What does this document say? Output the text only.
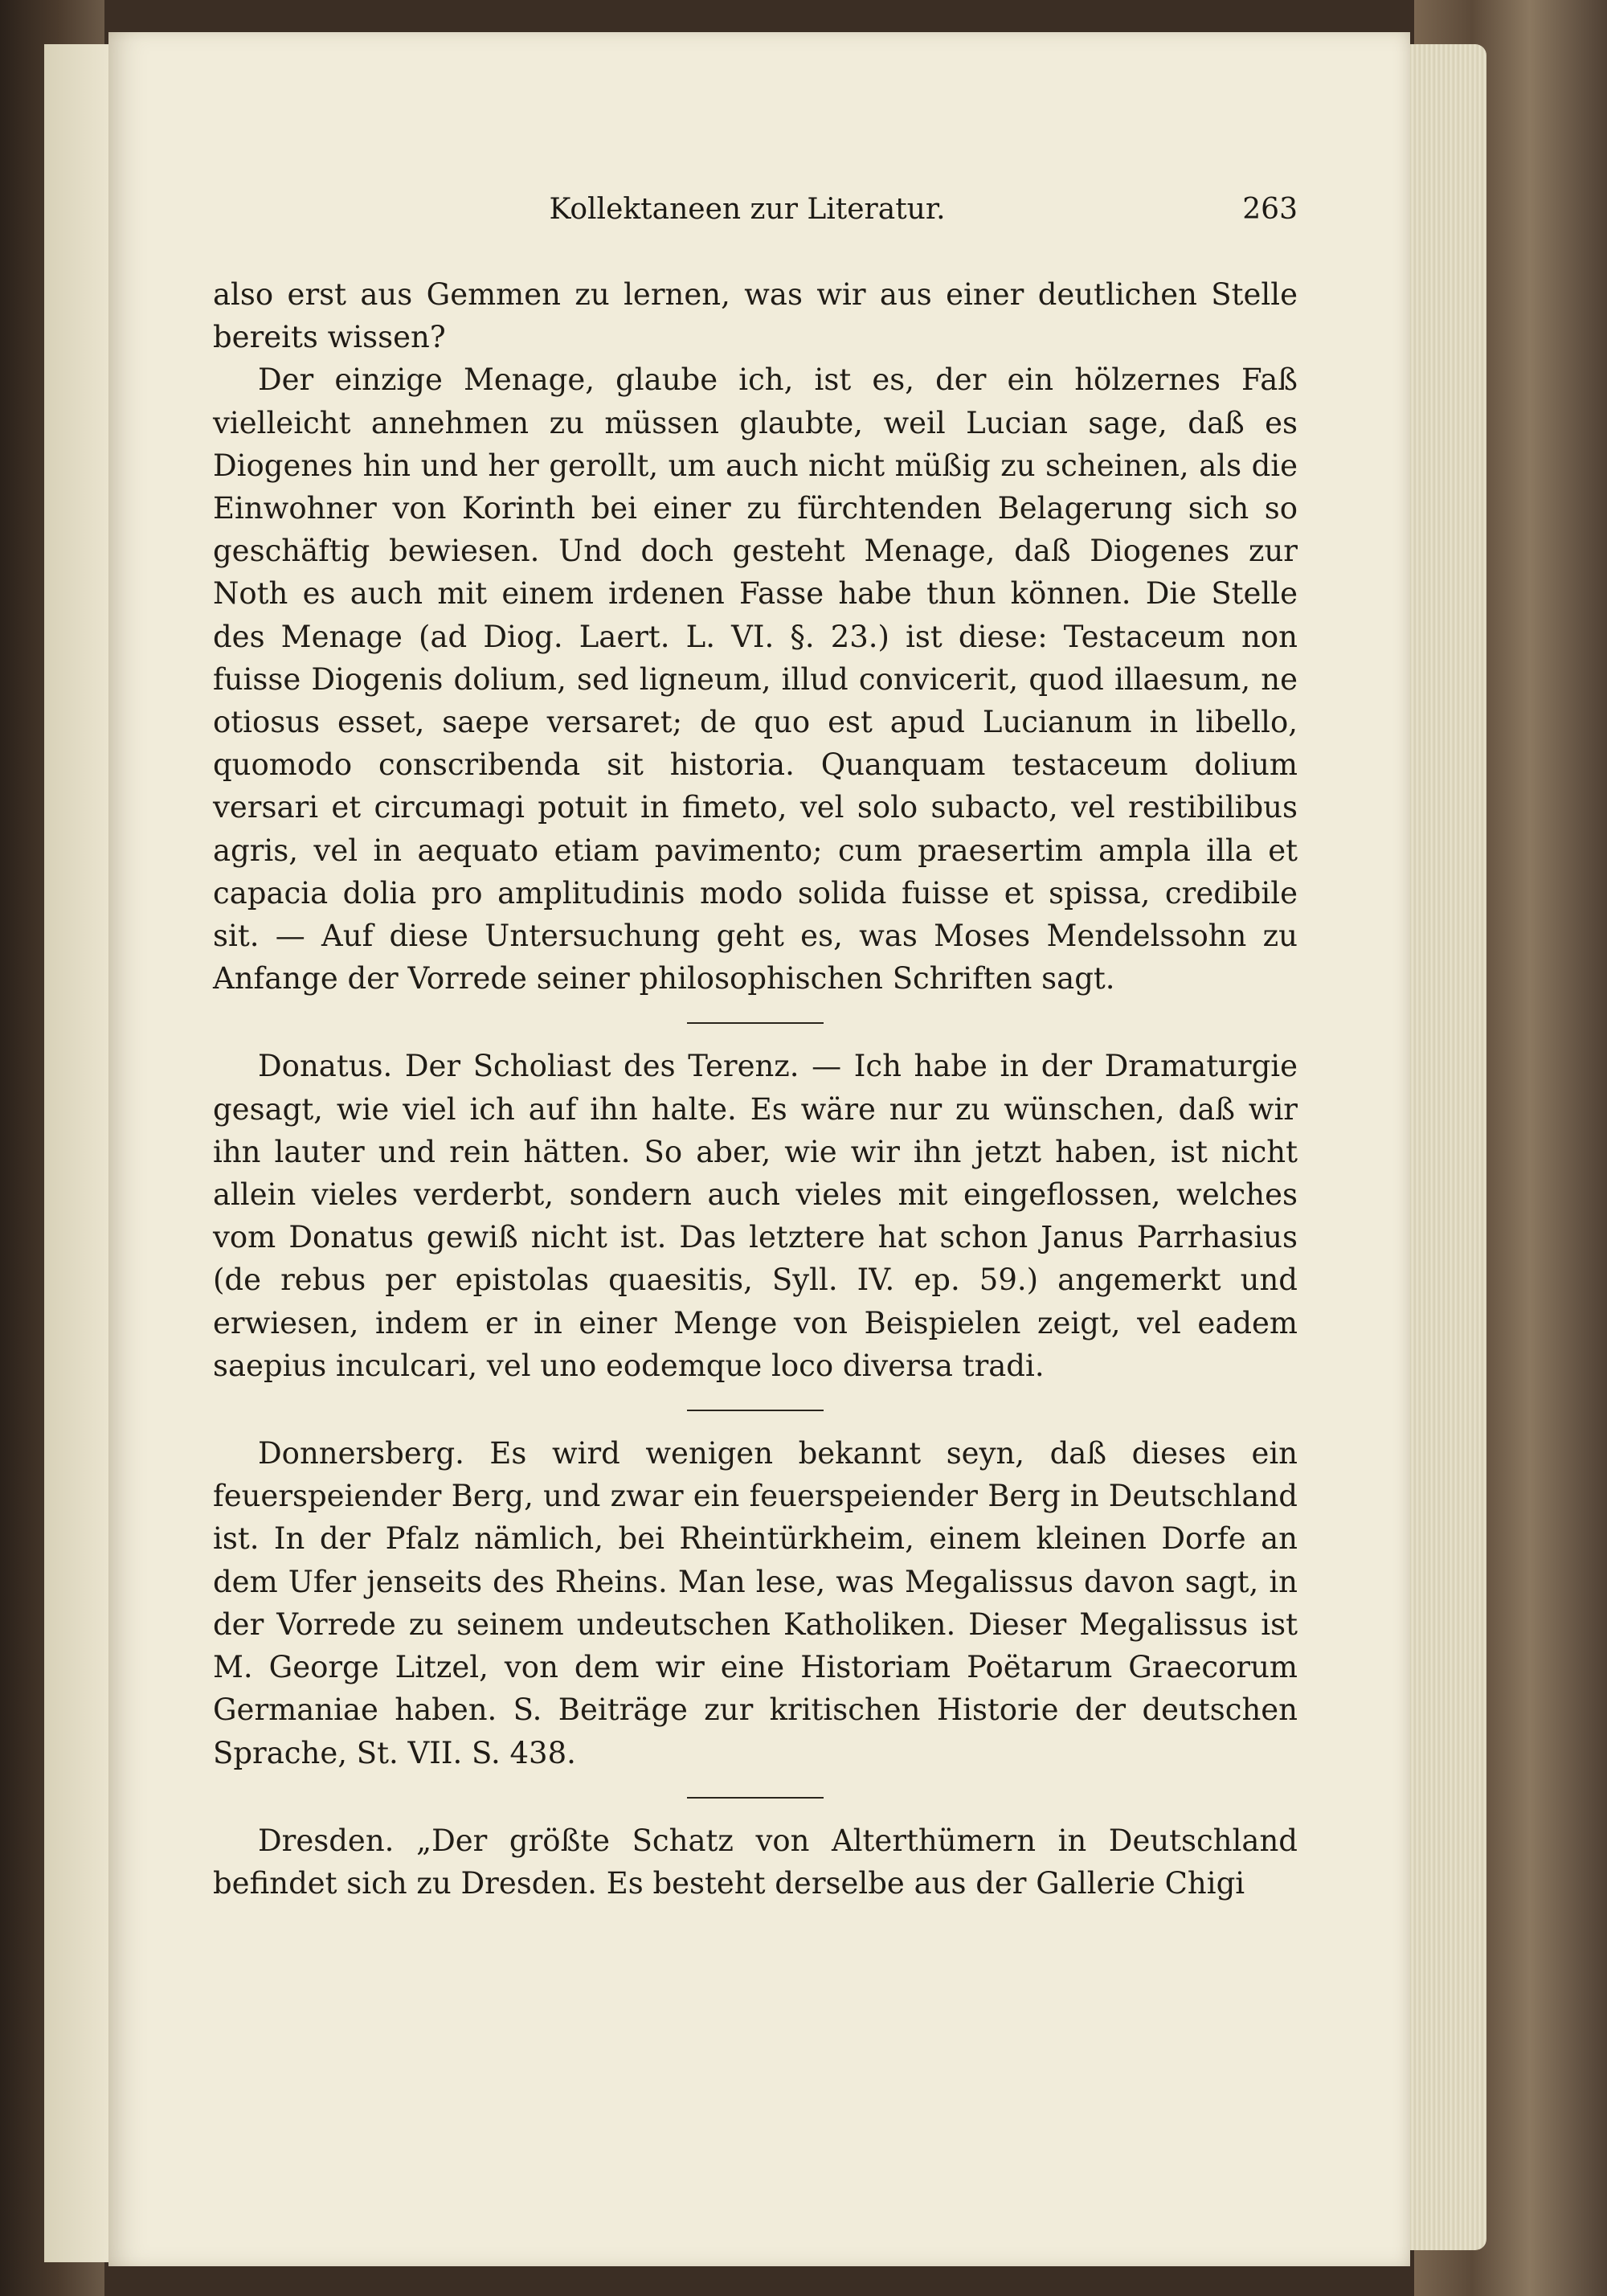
Kollektaneen zur Literatur.	263

also erst aus Gemmen zu lernen, was wir aus einer deutlichen Stelle bereits wissen?

Der einzige Menage, glaube ich, ist es, der ein hölzernes Faß vielleicht annehmen zu müssen glaubte, weil Lucian sage, daß es Diogenes hin und her gerollt, um auch nicht müßig zu scheinen, als die Einwohner von Korinth bei einer zu fürchtenden Belagerung sich so geschäftig bewiesen. Und doch gesteht Menage, daß Diogenes zur Noth es auch mit einem irdenen Fasse habe thun können. Die Stelle des Menage (ad Diog. Laert. L. VI. §. 23.) ist diese: Testaceum non fuisse Diogenis dolium, sed ligneum, illud convicerit, quod illaesum, ne otiosus esset, saepe versaret; de quo est apud Lucianum in libello, quomodo conscribenda sit historia. Quanquam testaceum dolium versari et circumagi potuit in fimeto, vel solo subacto, vel restibilibus agris, vel in aequato etiam pavimento; cum praesertim ampla illa et capacia dolia pro amplitudinis modo solida fuisse et spissa, credibile sit. — Auf diese Untersuchung geht es, was Moses Mendelssohn zu Anfange der Vorrede seiner philosophischen Schriften sagt.

Donatus. Der Scholiast des Terenz. — Ich habe in der Dramaturgie gesagt, wie viel ich auf ihn halte. Es wäre nur zu wünschen, daß wir ihn lauter und rein hätten. So aber, wie wir ihn jetzt haben, ist nicht allein vieles verderbt, sondern auch vieles mit eingeflossen, welches vom Donatus gewiß nicht ist. Das letztere hat schon Janus Parrhasius (de rebus per epistolas quaesitis, Syll. IV. ep. 59.) angemerkt und erwiesen, indem er in einer Menge von Beispielen zeigt, vel eadem saepius inculcari, vel uno eodemque loco diversa tradi.

Donnersberg. Es wird wenigen bekannt seyn, daß dieses ein feuerspeiender Berg, und zwar ein feuerspeiender Berg in Deutschland ist. In der Pfalz nämlich, bei Rheintürkheim, einem kleinen Dorfe an dem Ufer jenseits des Rheins. Man lese, was Megalissus davon sagt, in der Vorrede zu seinem undeutschen Katholiken. Dieser Megalissus ist M. George Litzel, von dem wir eine Historiam Poëtarum Graecorum Germaniae haben. S. Beiträge zur kritischen Historie der deutschen Sprache, St. VII. S. 438.

Dresden. „Der größte Schatz von Alterthümern in Deutschland befindet sich zu Dresden. Es besteht derselbe aus der Gallerie Chigi
